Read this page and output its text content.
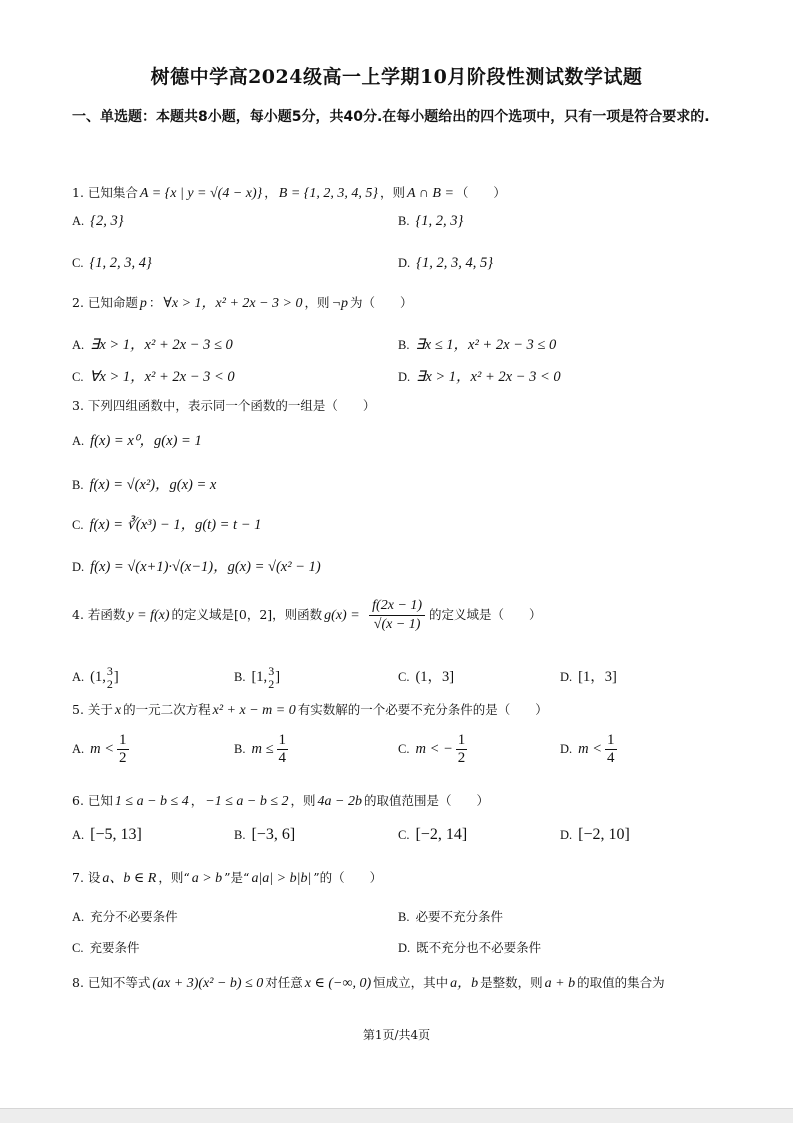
树德中学高2024级高一上学期10月阶段性测试数学试题
一、单选题：本题共8小题，每小题5分，共40分.在每小题给出的四个选项中，只有一项是符合要求的.
1. 已知集合 A = {x | y = √(4 − x)} ， B = {1, 2, 3, 4, 5} ，则 A ∩ B = （　　）
A. {2, 3}	B. {1, 2, 3}
C. {1, 2, 3, 4}	D. {1, 2, 3, 4, 5}
2. 已知命题 p ： ∀x > 1，x² + 2x − 3 > 0 ，则 ¬p 为（　　）
A. ∃x > 1，x² + 2x − 3 ≤ 0	B. ∃x ≤ 1，x² + 2x − 3 ≤ 0
C. ∀x > 1，x² + 2x − 3 < 0	D. ∃x > 1，x² + 2x − 3 < 0
3. 下列四组函数中，表示同一个函数的一组是（　　）
A. f(x) = x⁰，g(x) = 1
B. f(x) = √(x²)，g(x) = x
C. f(x) = ∛(x³) − 1，g(t) = t − 1
D. f(x) = √(x+1)·√(x−1)，g(x) = √(x² − 1)
4. 若函数 y = f(x) 的定义域是[0，2]，则函数 $g(x) = \frac{f(2x - 1)}{√(x - 1)}$ 的定义域是（　　）
A. (1, 3
2 ]	B. [1, 3
2 ]	C. (1，3]	D. [1，3]
5. 关于 x 的一元二次方程 x² + x − m = 0 有实数解的一个必要不充分条件的是（　　）
A. $m < \frac{1}{2}$	B. $m \le \frac{1}{4}$	C. m < − $\frac{1}{2}$	D. $m < \frac{1}{4}$
6. 已知 1 ≤ a − b ≤ 4 ， −1 ≤ a − b ≤ 2 ，则 4a − 2b 的取值范围是（　　）
A. [−5, 13]	B. [−3, 6]	C. [−2, 14]	D. [−2, 10]
7. 设 a、b ∈ R ，则“ a > b ”是“ a|a| > b|b| ”的（　　）
A. 充分不必要条件	B. 必要不充分条件
C. 充要条件	D. 既不充分也不必要条件
8. 已知不等式 (ax + 3)(x² − b) ≤ 0 对任意 x ∈ (−∞, 0) 恒成立，其中 a，b 是整数，则 a + b 的取值的集合为
第1页/共4页
